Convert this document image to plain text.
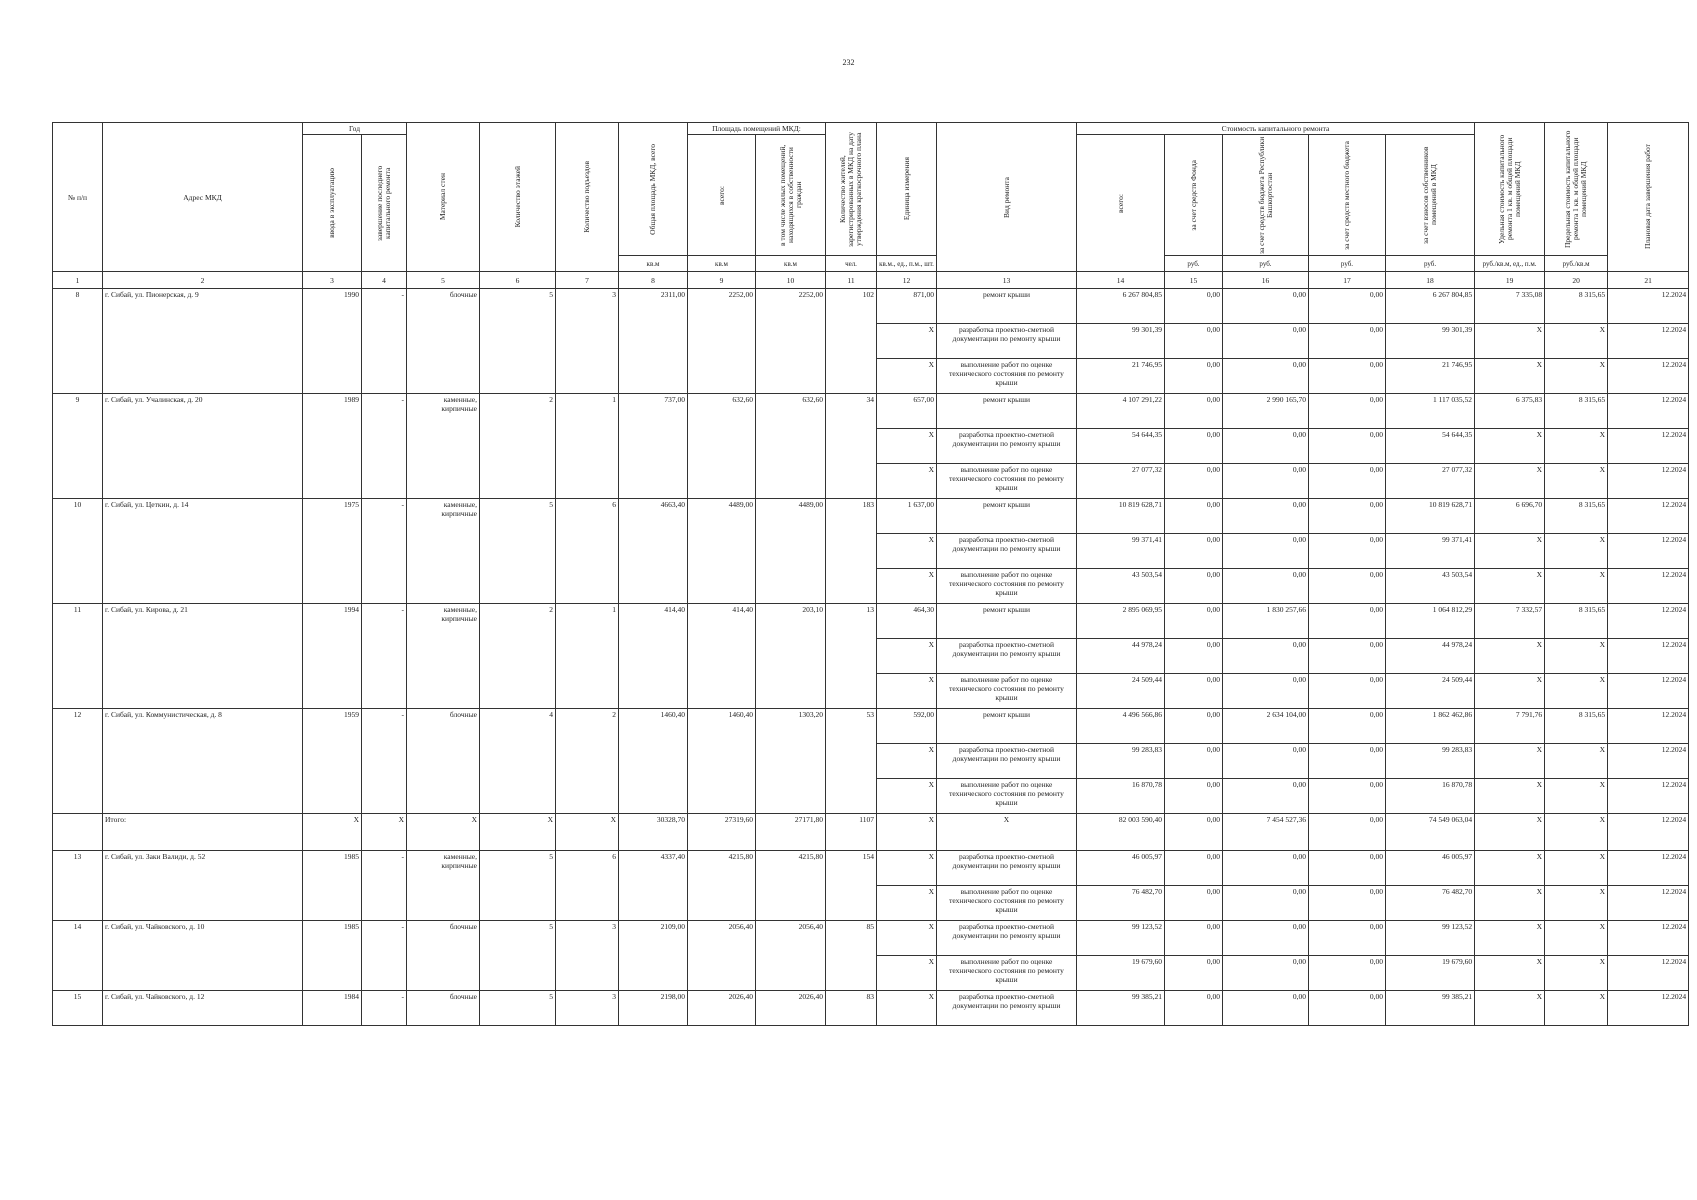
232
№ п/п	Адрес МКД	Год		Материал стен	Количество этажей	Количество подъездов	Общая площадь МКД, всего	Площадь помещений МКД:		Количество жителей, зарегистрированных в МКД на дату утверждения краткосрочного плана	Единица измерения	Вид ремонта	Стоимость капитального ремонта					Удельная стоимость капитального ремонта 1 кв. м общей площади помещений МКД	Предельная стоимость капитального ремонта 1 кв. м общей площади помещений МКД	Плановая дата завершения работ

		ввода в эксплуатацию	завершение последнего капитального ремонта					всего:	в том числе жилых помещений, находящихся в собственности граждан				всего:	за счет средств Фонда	за счет средств бюджета Республики Башкортостан	за счет средств местного бюджета	за счет взносов собственников помещений в МКД			

							кв.м	кв.м	кв.м	чел.	кв.м., ед., п.м., шт.			руб.	руб.	руб.	руб.	руб./кв.м, ед., п.м.	руб./кв.м	
1	2	3	4	5	6	7	8	9	10	11	12	13	14	15	16	17	18	19	20	21
8	г. Сибай, ул. Пионерская, д. 9	1990	-	блочные	5	3	2311,00	2252,00	2252,00	102	871,00	ремонт крыши	6 267 804,85	0,00	0,00	0,00	6 267 804,85	7 335,08	8 315,65	12.2024
											X	разработка проектно-сметной документации по ремонту крыши	99 301,39	0,00	0,00	0,00	99 301,39	X	X	12.2024
											X	выполнение работ по оценке технического состояния по ремонту крыши	21 746,95	0,00	0,00	0,00	21 746,95	X	X	12.2024
9	г. Сибай, ул. Учалинская, д. 20	1989	-	каменные, кирпичные	2	1	737,00	632,60	632,60	34	657,00	ремонт крыши	4 107 291,22	0,00	2 990 165,70	0,00	1 117 035,52	6 375,83	8 315,65	12.2024
											X	разработка проектно-сметной документации по ремонту крыши	54 644,35	0,00	0,00	0,00	54 644,35	X	X	12.2024
											X	выполнение работ по оценке технического состояния по ремонту крыши	27 077,32	0,00	0,00	0,00	27 077,32	X	X	12.2024
10	г. Сибай, ул. Цеткин, д. 14	1975	-	каменные, кирпичные	5	6	4663,40	4489,00	4489,00	183	1 637,00	ремонт крыши	10 819 628,71	0,00	0,00	0,00	10 819 628,71	6 696,70	8 315,65	12.2024
											X	разработка проектно-сметной документации по ремонту крыши	99 371,41	0,00	0,00	0,00	99 371,41	X	X	12.2024
											X	выполнение работ по оценке технического состояния по ремонту крыши	43 503,54	0,00	0,00	0,00	43 503,54	X	X	12.2024
11	г. Сибай, ул. Кирова, д. 21	1994	-	каменные, кирпичные	2	1	414,40	414,40	203,10	13	464,30	ремонт крыши	2 895 069,95	0,00	1 830 257,66	0,00	1 064 812,29	7 332,57	8 315,65	12.2024
											X	разработка проектно-сметной документации по ремонту крыши	44 978,24	0,00	0,00	0,00	44 978,24	X	X	12.2024
											X	выполнение работ по оценке технического состояния по ремонту крыши	24 509,44	0,00	0,00	0,00	24 509,44	X	X	12.2024
12	г. Сибай, ул. Коммунистическая, д. 8	1959	-	блочные	4	2	1460,40	1460,40	1303,20	53	592,00	ремонт крыши	4 496 566,86	0,00	2 634 104,00	0,00	1 862 462,86	7 791,76	8 315,65	12.2024
											X	разработка проектно-сметной документации по ремонту крыши	99 283,83	0,00	0,00	0,00	99 283,83	X	X	12.2024
											X	выполнение работ по оценке технического состояния по ремонту крыши	16 870,78	0,00	0,00	0,00	16 870,78	X	X	12.2024
	Итого:	X	X	X	X	X	30328,70	27319,60	27171,80	1107	X	X	82 003 590,40	0,00	7 454 527,36	0,00	74 549 063,04	X	X	12.2024
13	г. Сибай, ул. Заки Валиди, д. 52	1985	-	каменные, кирпичные	5	6	4337,40	4215,80	4215,80	154	X	разработка проектно-сметной документации по ремонту крыши	46 005,97	0,00	0,00	0,00	46 005,97	X	X	12.2024
											X	выполнение работ по оценке технического состояния по ремонту крыши	76 482,70	0,00	0,00	0,00	76 482,70	X	X	12.2024
14	г. Сибай, ул. Чайковского, д. 10	1985	-	блочные	5	3	2109,00	2056,40	2056,40	85	X	разработка проектно-сметной документации по ремонту крыши	99 123,52	0,00	0,00	0,00	99 123,52	X	X	12.2024
											X	выполнение работ по оценке технического состояния по ремонту крыши	19 679,60	0,00	0,00	0,00	19 679,60	X	X	12.2024
15	г. Сибай, ул. Чайковского, д. 12	1984	-	блочные	5	3	2198,00	2026,40	2026,40	83	X	разработка проектно-сметной документации по ремонту крыши	99 385,21	0,00	0,00	0,00	99 385,21	X	X	12.2024
